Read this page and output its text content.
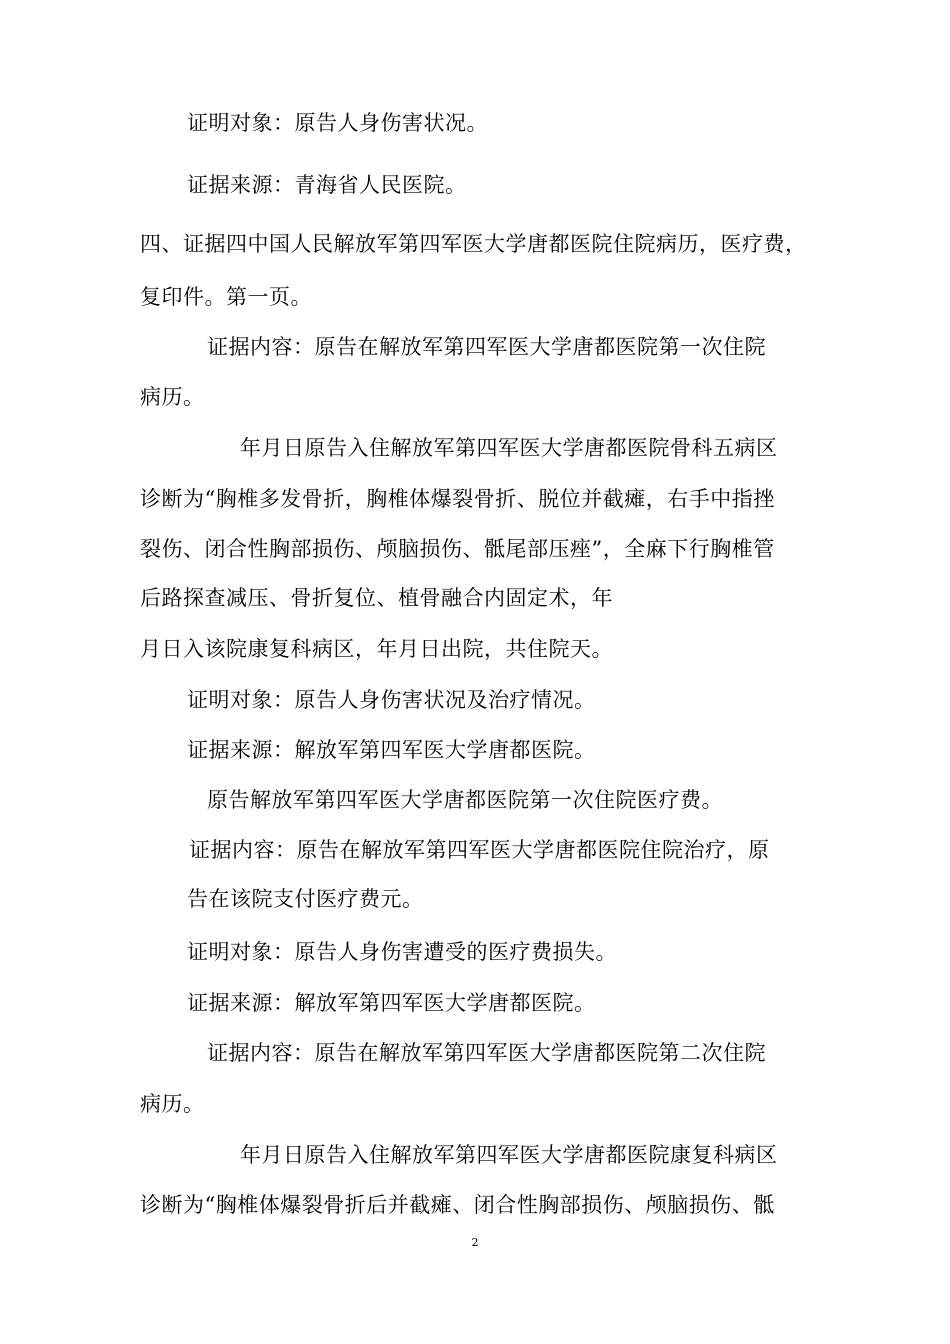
证明对象：原告人身伤害状况。

证据来源：青海省人民医院。

四、证据四中国人民解放军第四军医大学唐都医院住院病历，医疗费，

复印件。第一页。

证据内容：原告在解放军第四军医大学唐都医院第一次住院

病历。

年月日原告入住解放军第四军医大学唐都医院骨科五病区

诊断为“胸椎多发骨折，胸椎体爆裂骨折、脱位并截瘫，右手中指挫

裂伤、闭合性胸部损伤、颅脑损伤、骶尾部压痤”，全麻下行胸椎管

后路探查减压、骨折复位、植骨融合内固定术，年

月日入该院康复科病区，年月日出院，共住院天。

证明对象：原告人身伤害状况及治疗情况。

证据来源：解放军第四军医大学唐都医院。

原告解放军第四军医大学唐都医院第一次住院医疗费。

证据内容：原告在解放军第四军医大学唐都医院住院治疗，原

告在该院支付医疗费元。

证明对象：原告人身伤害遭受的医疗费损失。

证据来源：解放军第四军医大学唐都医院。

证据内容：原告在解放军第四军医大学唐都医院第二次住院

病历。

年月日原告入住解放军第四军医大学唐都医院康复科病区

诊断为“胸椎体爆裂骨折后并截瘫、闭合性胸部损伤、颅脑损伤、骶

2
